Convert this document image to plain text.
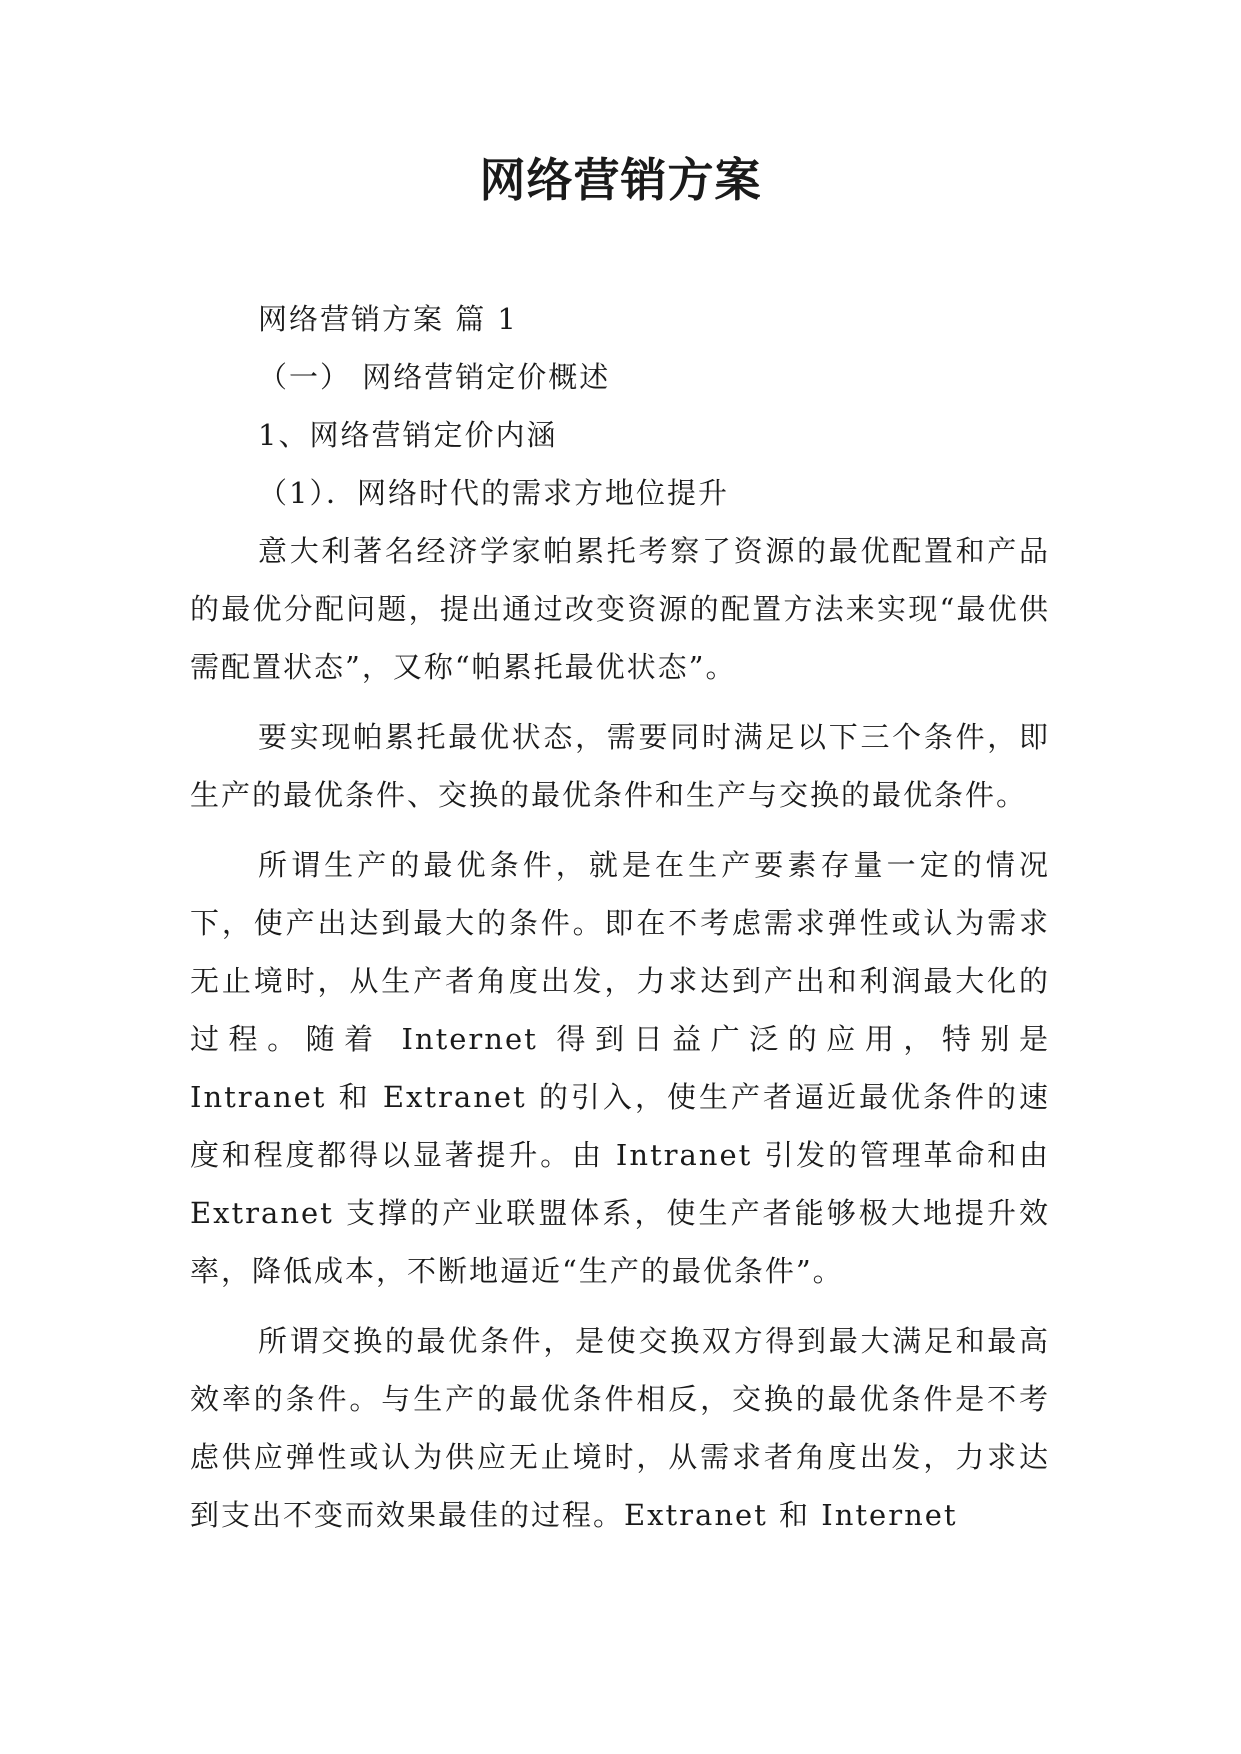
网络营销方案

网络营销方案 篇 1

（一） 网络营销定价概述

1、网络营销定价内涵

（1）．网络时代的需求方地位提升

意大利著名经济学家帕累托考察了资源的最优配置和产品的最优分配问题，提出通过改变资源的配置方法来实现“最优供需配置状态”，又称“帕累托最优状态”。

要实现帕累托最优状态，需要同时满足以下三个条件，即生产的最优条件、交换的最优条件和生产与交换的最优条件。

所谓生产的最优条件，就是在生产要素存量一定的情况下，使产出达到最大的条件。即在不考虑需求弹性或认为需求无止境时，从生产者角度出发，力求达到产出和利润最大化的过程。随着 Internet 得到日益广泛的应用，特别是 Intranet 和 Extranet 的引入，使生产者逼近最优条件的速度和程度都得以显著提升。由 Intranet 引发的管理革命和由 Extranet 支撑的产业联盟体系，使生产者能够极大地提升效率，降低成本，不断地逼近“生产的最优条件”。

所谓交换的最优条件，是使交换双方得到最大满足和最高效率的条件。与生产的最优条件相反，交换的最优条件是不考虑供应弹性或认为供应无止境时，从需求者角度出发，力求达到支出不变而效果最佳的过程。Extranet 和 Internet
